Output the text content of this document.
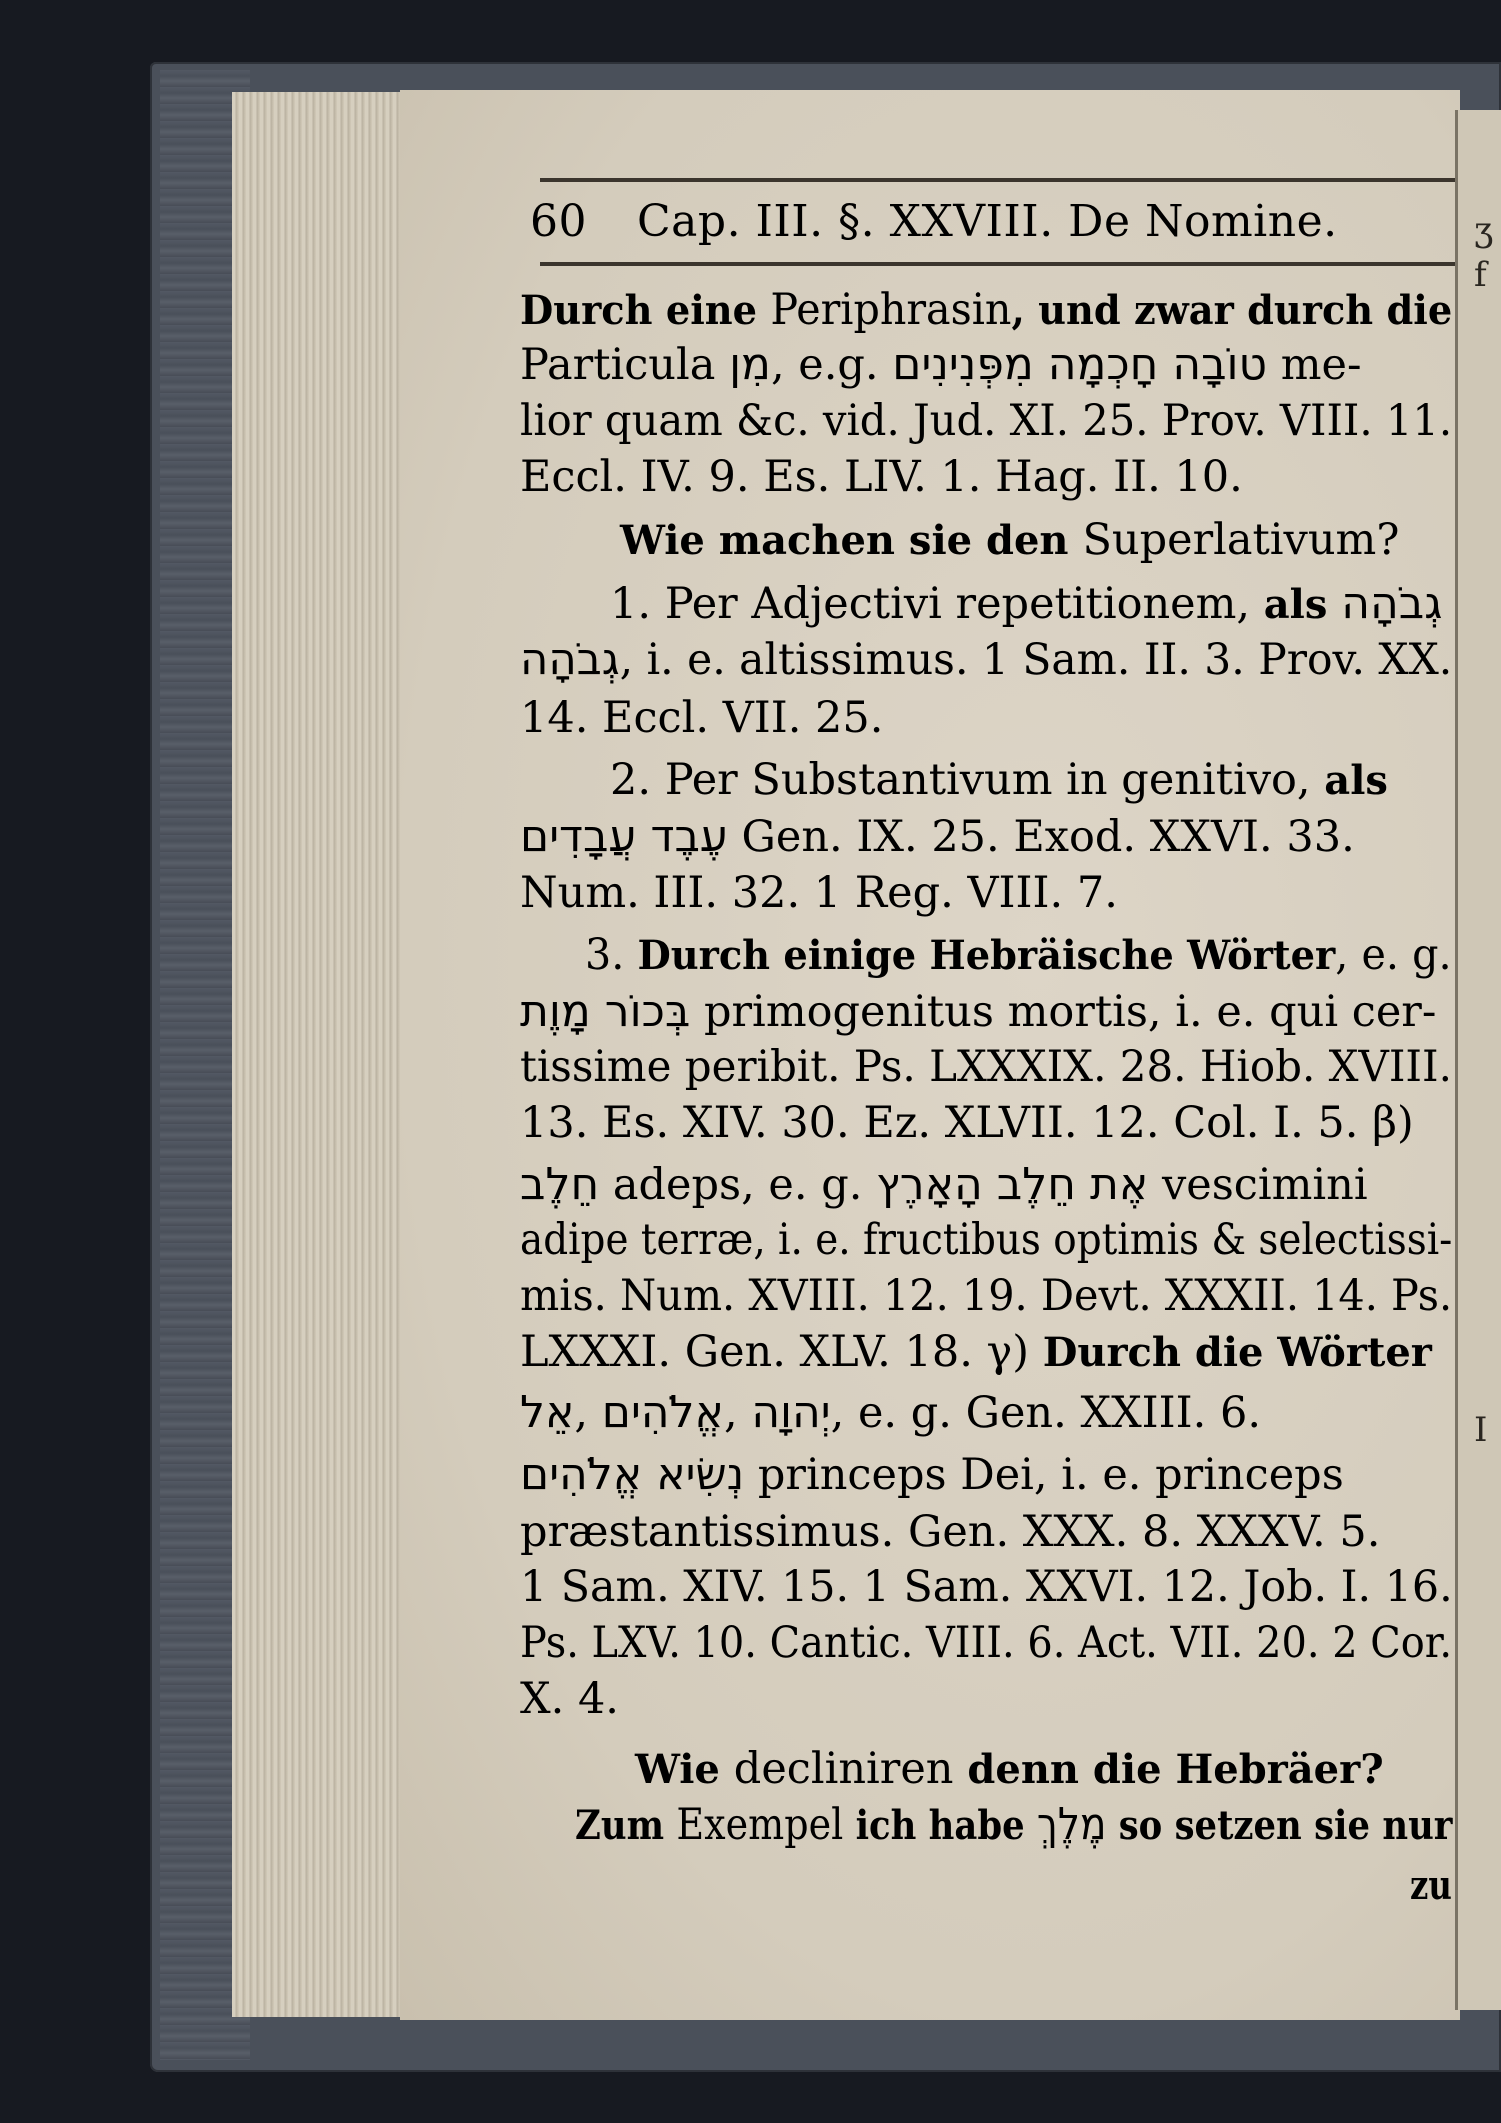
ʒ
f
I
60 Cap. III. §. XXVIII. De Nomine.
Durch eine Periphrasin, und zwar durch die
Particula מִן, e.g. טוֹבָה חָכְמָה מִפְּנִינִים me-
lior quam &c. vid. Jud. XI. 25. Prov. VIII. 11.
Eccl. IV. 9. Es. LIV. 1. Hag. II. 10.
Wie machen sie den Superlativum?
1. Per Adjectivi repetitionem, als גְבֹהָה
גְבֹהָה, i. e. altissimus. 1 Sam. II. 3. Prov. XX.
14. Eccl. VII. 25.
2. Per Substantivum in genitivo, als
עֶבֶד עֲבָדִים Gen. IX. 25. Exod. XXVI. 33.
Num. III. 32. 1 Reg. VIII. 7.
3. Durch einige Hebräische Wörter, e. g.
בְּכוֹר מָוֶת primogenitus mortis, i. e. qui cer-
tissime peribit. Ps. LXXXIX. 28. Hiob. XVIII.
13. Es. XIV. 30. Ez. XLVII. 12. Col. I. 5. β)
חֵלֶב adeps, e. g. אֶת חֵלֶב הָאָרֶץ vescimini
adipe terræ, i. e. fructibus optimis & selectissi-
mis. Num. XVIII. 12. 19. Devt. XXXII. 14. Ps.
LXXXI. Gen. XLV. 18. γ) Durch die Wörter
אֵל, אֱלֹהִים, יְהוָה, e. g. Gen. XXIII. 6.
נְשִׂיא אֱלֹהִים princeps Dei, i. e. princeps
præstantissimus. Gen. XXX. 8. XXXV. 5.
1 Sam. XIV. 15. 1 Sam. XXVI. 12. Job. I. 16.
Ps. LXV. 10. Cantic. VIII. 6. Act. VII. 20. 2 Cor.
X. 4.
Wie decliniren denn die Hebräer?
Zum Exempel ich habe מֶלֶךְ so setzen sie nur
zu
